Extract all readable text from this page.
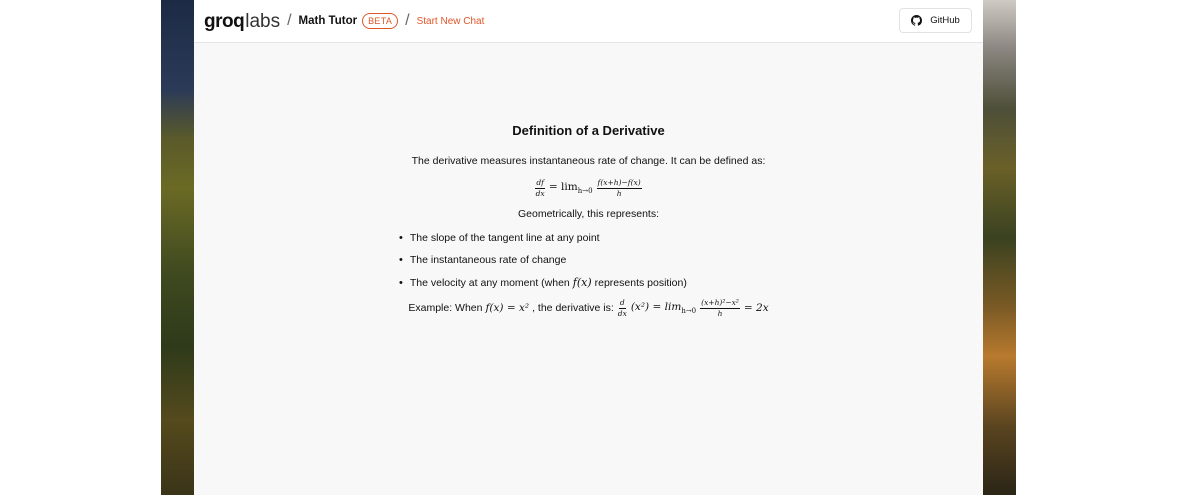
groq labs / Math Tutor	BETA / Start New Chat	GitHub
Definition of a Derivative
The derivative measures instantaneous rate of change. It can be defined as:
$\frac{df}{dx} = \lim_{h\to 0} \frac{f(x+h)-f(x)}{h}$
Geometrically, this represents:
• The slope of the tangent line at any point
• The instantaneous rate of change
• The velocity at any moment (when f(x) represents position)
Example: When f(x) = x² , the derivative is: $\frac{d}{dx} (x^2) = \lim_{h\to 0} \frac{\text{(x+h)²−x²}}{h} = 2x$
